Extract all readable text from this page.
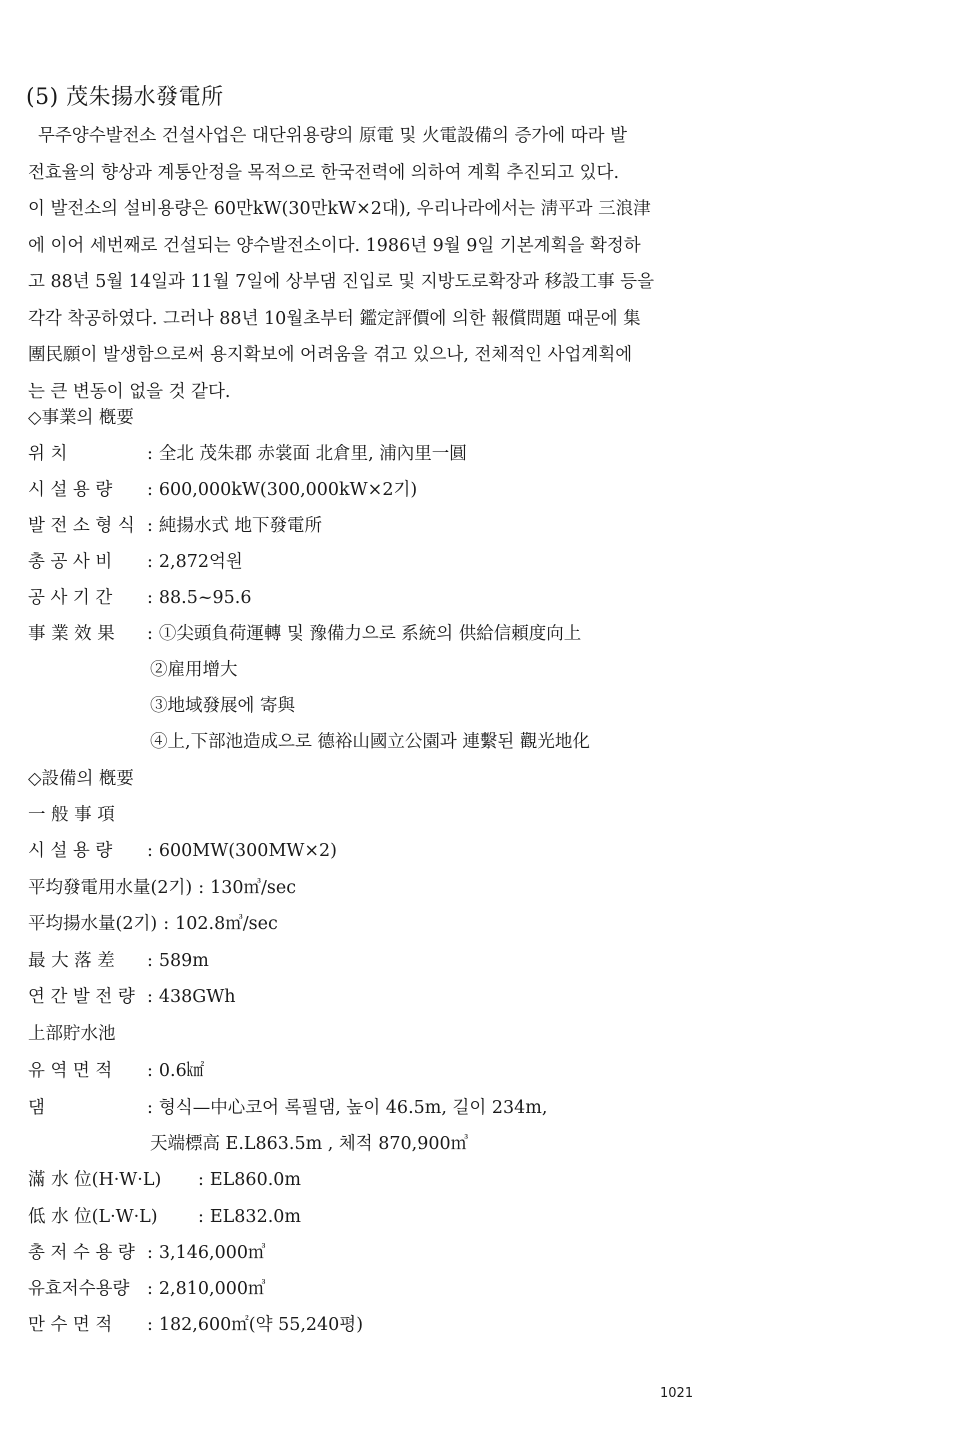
(5) 茂朱揚水發電所
무주양수발전소 건설사업은 대단위용량의 原電 및 火電設備의 증가에 따라 발
전효율의 향상과 계통안정을 목적으로 한국전력에 의하여 계획 추진되고 있다.
이 발전소의 설비용량은 60만kW(30만kW×2대), 우리나라에서는 淸平과 三浪津
에 이어 세번째로 건설되는 양수발전소이다. 1986년 9월 9일 기본계획을 확정하
고 88년 5월 14일과 11월 7일에 상부댐 진입로 및 지방도로확장과 移設工事 등을
각각 착공하였다. 그러나 88년 10월초부터 鑑定評價에 의한 報償問題 때문에 集
團民願이 발생함으로써 용지확보에 어려움을 겪고 있으나, 전체적인 사업계획에
는 큰 변동이 없을 것 같다.
◇事業의 槪要
위 치	: 全北 茂朱郡 赤裳面 北倉里, 浦內里一圓
시 설 용 량 : 600,000kW(300,000kW×2기)
발 전 소 형 식 : 純揚水式 地下發電所
총 공 사 비 : 2,872억원
공 사 기 간 : 88.5~95.6
事 業 效 果 : ①尖頭負荷運轉 및 豫備力으로 系統의 供給信頼度向上
②雇用增大
③地域發展에 寄與
④上,下部池造成으로 德裕山國立公園과 連繫된 觀光地化
◇設備의 槪要
一 般 事 項
시 설 용 량 : 600MW(300MW×2)
平均發電用水量(2기) : 130㎥/sec
平均揚水量(2기) : 102.8㎥/sec
最 大 落 差 : 589m
연 간 발 전 량 : 438GWh
上部貯水池
유 역 면 적 : 0.6㎢
댐	: 형식—中心코어 록필댐, 높이 46.5m, 길이 234m,
天端標高 E.L863.5m , 체적 870,900㎥
滿 水 位(H·W·L) : EL860.0m
低 水 位(L·W·L) : EL832.0m
총 저 수 용 량 : 3,146,000㎥
유효저수용량 : 2,810,000㎥
만 수 면 적 : 182,600㎡(약 55,240평)
1021
